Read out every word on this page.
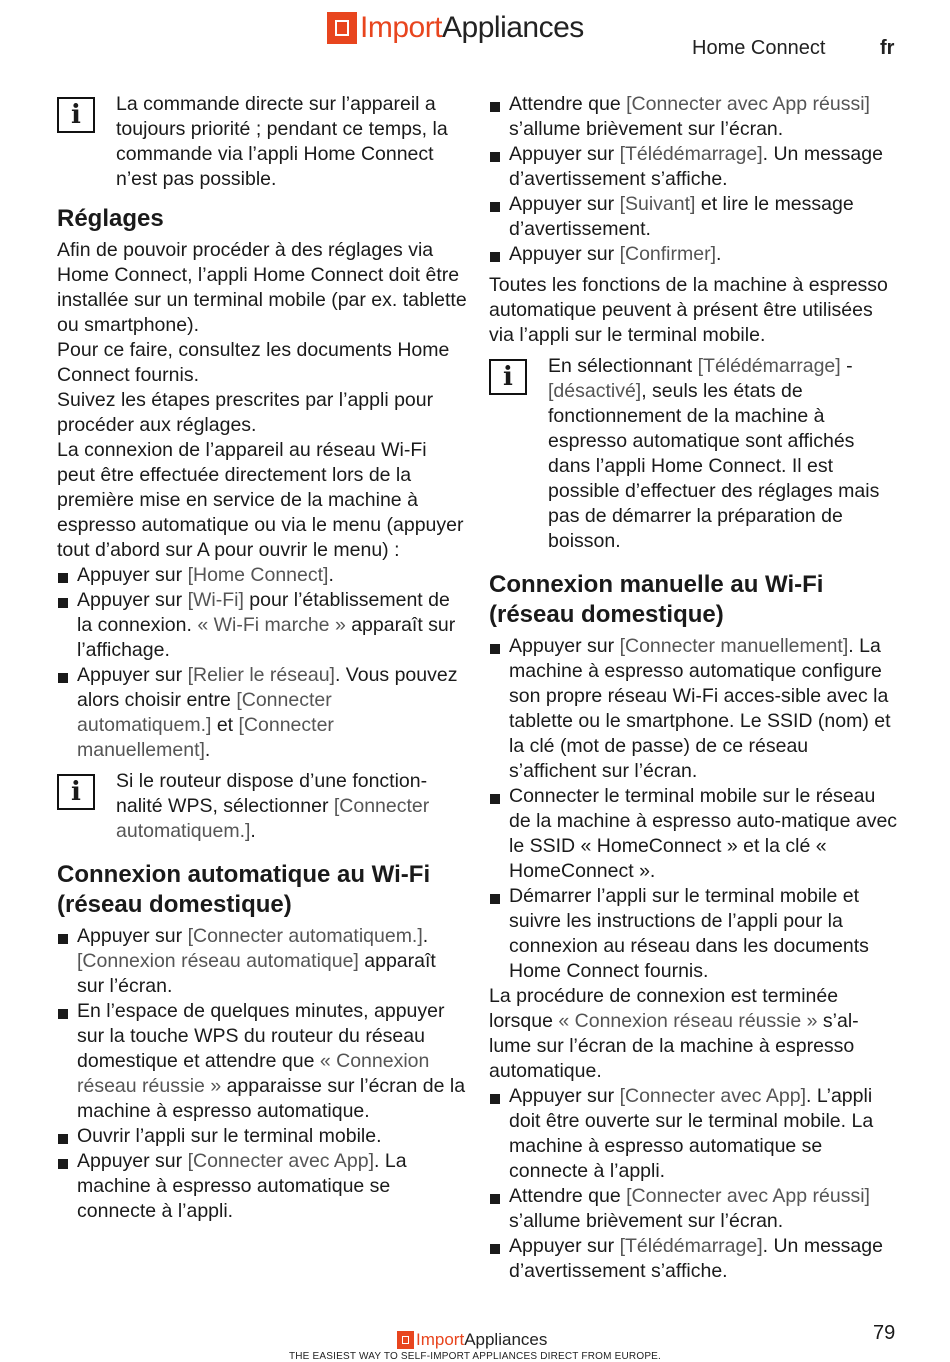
ImportAppliances
Home Connect	fr
i	La commande directe sur l’appareil a toujours priorité ; pendant ce temps, la commande via l’appli Home Connect n’est pas possible.

Réglages

Afin de pouvoir procéder à des réglages via Home Connect, l’appli Home Connect doit être installée sur un terminal mobile (par ex. tablette ou smartphone).

Pour ce faire, consultez les documents Home Connect fournis.

Suivez les étapes prescrites par l’appli pour procéder aux réglages.

La connexion de l’appareil au réseau Wi-Fi peut être effectuée directement lors de la première mise en service de la machine à espresso automatique ou via le menu (appuyer tout d’abord sur A pour ouvrir le menu) :

Appuyer sur [Home Connect].
Appuyer sur [Wi-Fi] pour l’établissement de la connexion. « Wi-Fi marche » apparaît sur l’affichage.
Appuyer sur [Relier le réseau]. Vous pouvez alors choisir entre [Connecter automatiquem.] et [Connecter manuellement].
i	Si le routeur dispose d’une fonction-nalité WPS, sélectionner [Connecter automatiquem.].

Connexion automatique au Wi-Fi (réseau domestique)
Appuyer sur [Connecter automatiquem.]. [Connexion réseau automatique] apparaît sur l’écran.
En l’espace de quelques minutes, appuyer sur la touche WPS du routeur du réseau domestique et attendre que « Connexion réseau réussie » apparaisse sur l’écran de la machine à espresso automatique.
Ouvrir l’appli sur le terminal mobile.
Appuyer sur [Connecter avec App]. La machine à espresso automatique se connecte à l’appli.
Attendre que [Connecter avec App réussi] s’allume brièvement sur l’écran.
Appuyer sur [Télédémarrage]. Un message d’avertissement s’affiche.
Appuyer sur [Suivant] et lire le message d’avertissement.
Appuyer sur [Confirmer].

Toutes les fonctions de la machine à espresso automatique peuvent à présent être utilisées via l’appli sur le terminal mobile.

i	En sélectionnant [Télédémarrage] - [désactivé], seuls les états de fonctionnement de la machine à espresso automatique sont affichés dans l’appli Home Connect. Il est possible d’effectuer des réglages mais pas de démarrer la préparation de boisson.

Connexion manuelle au Wi-Fi (réseau domestique)
Appuyer sur [Connecter manuellement]. La machine à espresso automatique configure son propre réseau Wi-Fi acces-sible avec la tablette ou le smartphone. Le SSID (nom) et la clé (mot de passe) de ce réseau s’affichent sur l’écran.
Connecter le terminal mobile sur le réseau de la machine à espresso auto-matique avec le SSID « HomeConnect » et la clé « HomeConnect ».
Démarrer l’appli sur le terminal mobile et suivre les instructions de l’appli pour la connexion au réseau dans les documents Home Connect fournis.

La procédure de connexion est terminée lorsque « Connexion réseau réussie » s’al-lume sur l’écran de la machine à espresso automatique.

Appuyer sur [Connecter avec App]. L’appli doit être ouverte sur le terminal mobile. La machine à espresso automatique se connecte à l’appli.
Attendre que [Connecter avec App réussi] s’allume brièvement sur l’écran.
Appuyer sur [Télédémarrage]. Un message d’avertissement s’affiche.
79
ImportAppliances
THE EASIEST WAY TO SELF-IMPORT APPLIANCES DIRECT FROM EUROPE.
